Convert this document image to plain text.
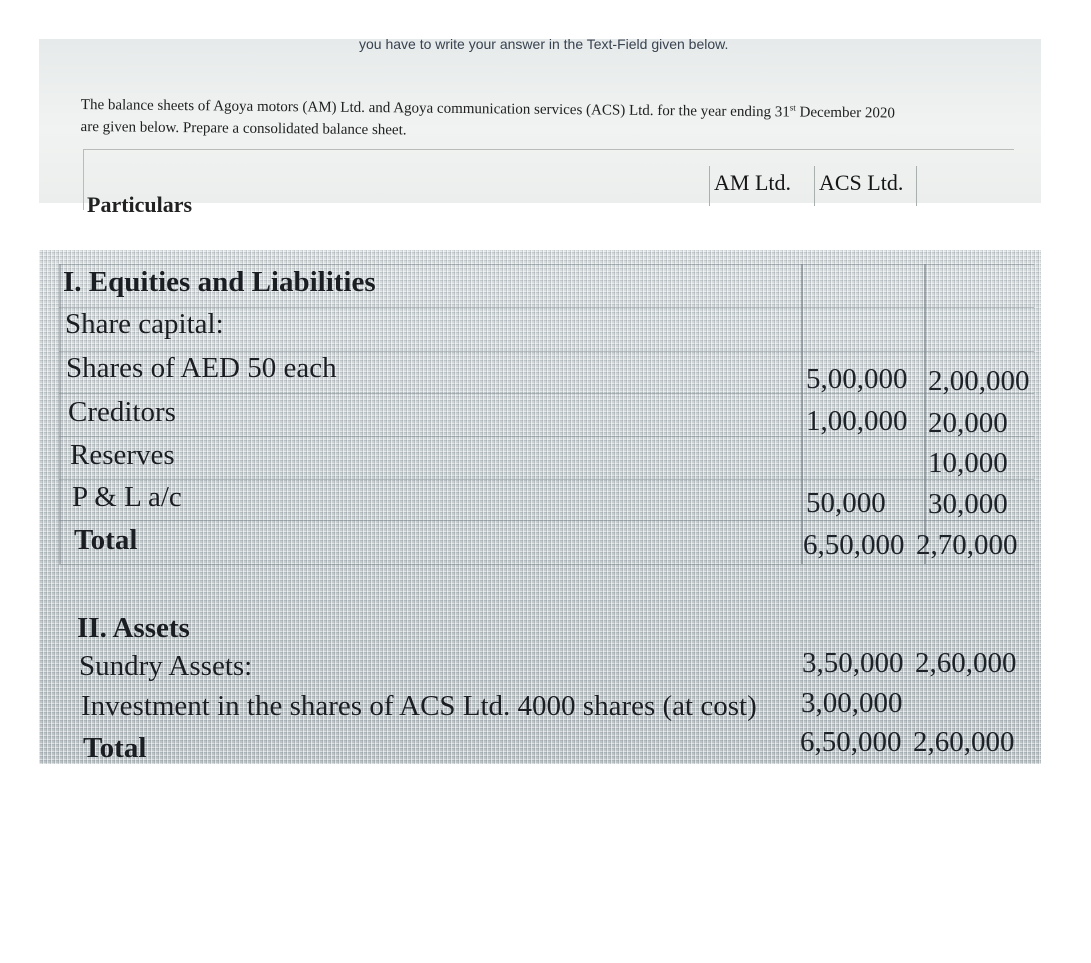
you have to write your answer in the Text-Field given below.
The balance sheets of Agoya motors (AM) Ltd. and Agoya communication services (ACS) Ltd. for the year ending 31st December 2020
are given below. Prepare a consolidated balance sheet.
AM Ltd. ACS Ltd.
Particulars
I. Equities and Liabilities
Share capital:
Shares of AED 50 each
Creditors
Reserves
P & L a/c
Total
5,00,000 2,00,000
1,00,000 20,000
10,000
50,000 30,000
6,50,000 2,70,000
II. Assets
Sundry Assets:
Investment in the shares of ACS Ltd. 4000 shares (at cost)
Total
3,50,000 2,60,000
3,00,000
6,50,000 2,60,000
